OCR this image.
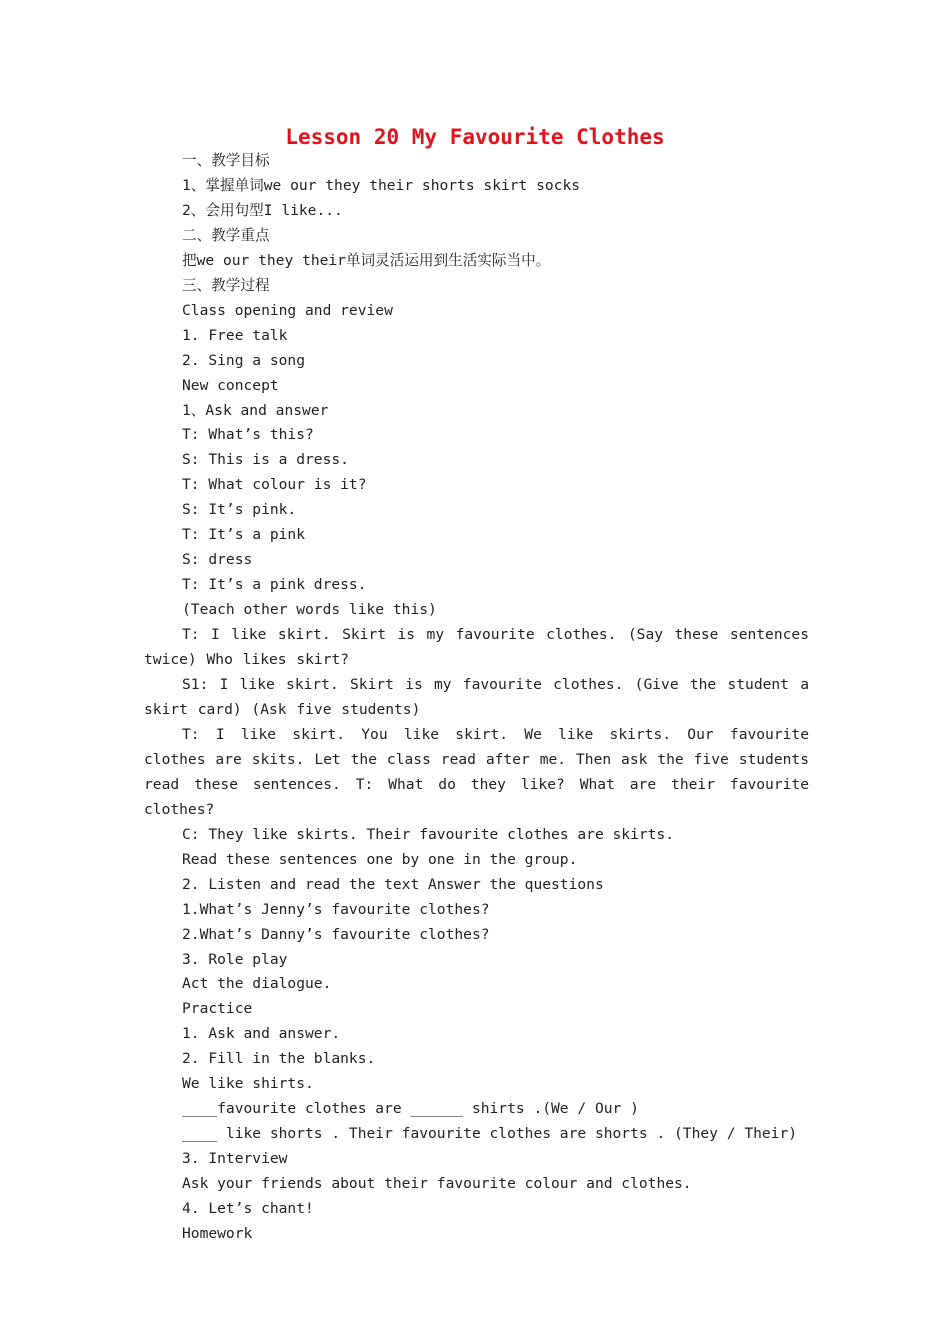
Lesson 20 My Favourite Clothes

一、教学目标

1、掌握单词we our they their shorts skirt socks

2、会用句型I like...

二、教学重点

把we our they their单词灵活运用到生活实际当中。

三、教学过程

Class opening and review

1. Free talk

2. Sing a song

New concept

1、Ask and answer

T: What’s this?

S: This is a dress.

T: What colour is it?

S: It’s pink.

T: It’s a pink

S: dress

T: It’s a pink dress.

(Teach other words like this)

T: I like skirt. Skirt is my favourite clothes. (Say these sentences twice) Who likes skirt?

S1: I like skirt. Skirt is my favourite clothes. (Give the student a skirt card) (Ask five students)

T: I like skirt. You like skirt. We like skirts. Our favourite clothes are skits. Let the class read after me. Then ask the five students read these sentences. T: What do they like? What are their favourite clothes?

C: They like skirts. Their favourite clothes are skirts.

Read these sentences one by one in the group.

2. Listen and read the text Answer the questions

1.What’s Jenny’s favourite clothes?

2.What’s Danny’s favourite clothes?

3. Role play

Act the dialogue.

Practice

1. Ask and answer.

2. Fill in the blanks.

We like shirts.

____favourite clothes are ______ shirts .(We / Our )

____ like shorts . Their favourite clothes are shorts . (They / Their)

3. Interview

Ask your friends about their favourite colour and clothes.

4. Let’s chant!

Homework
